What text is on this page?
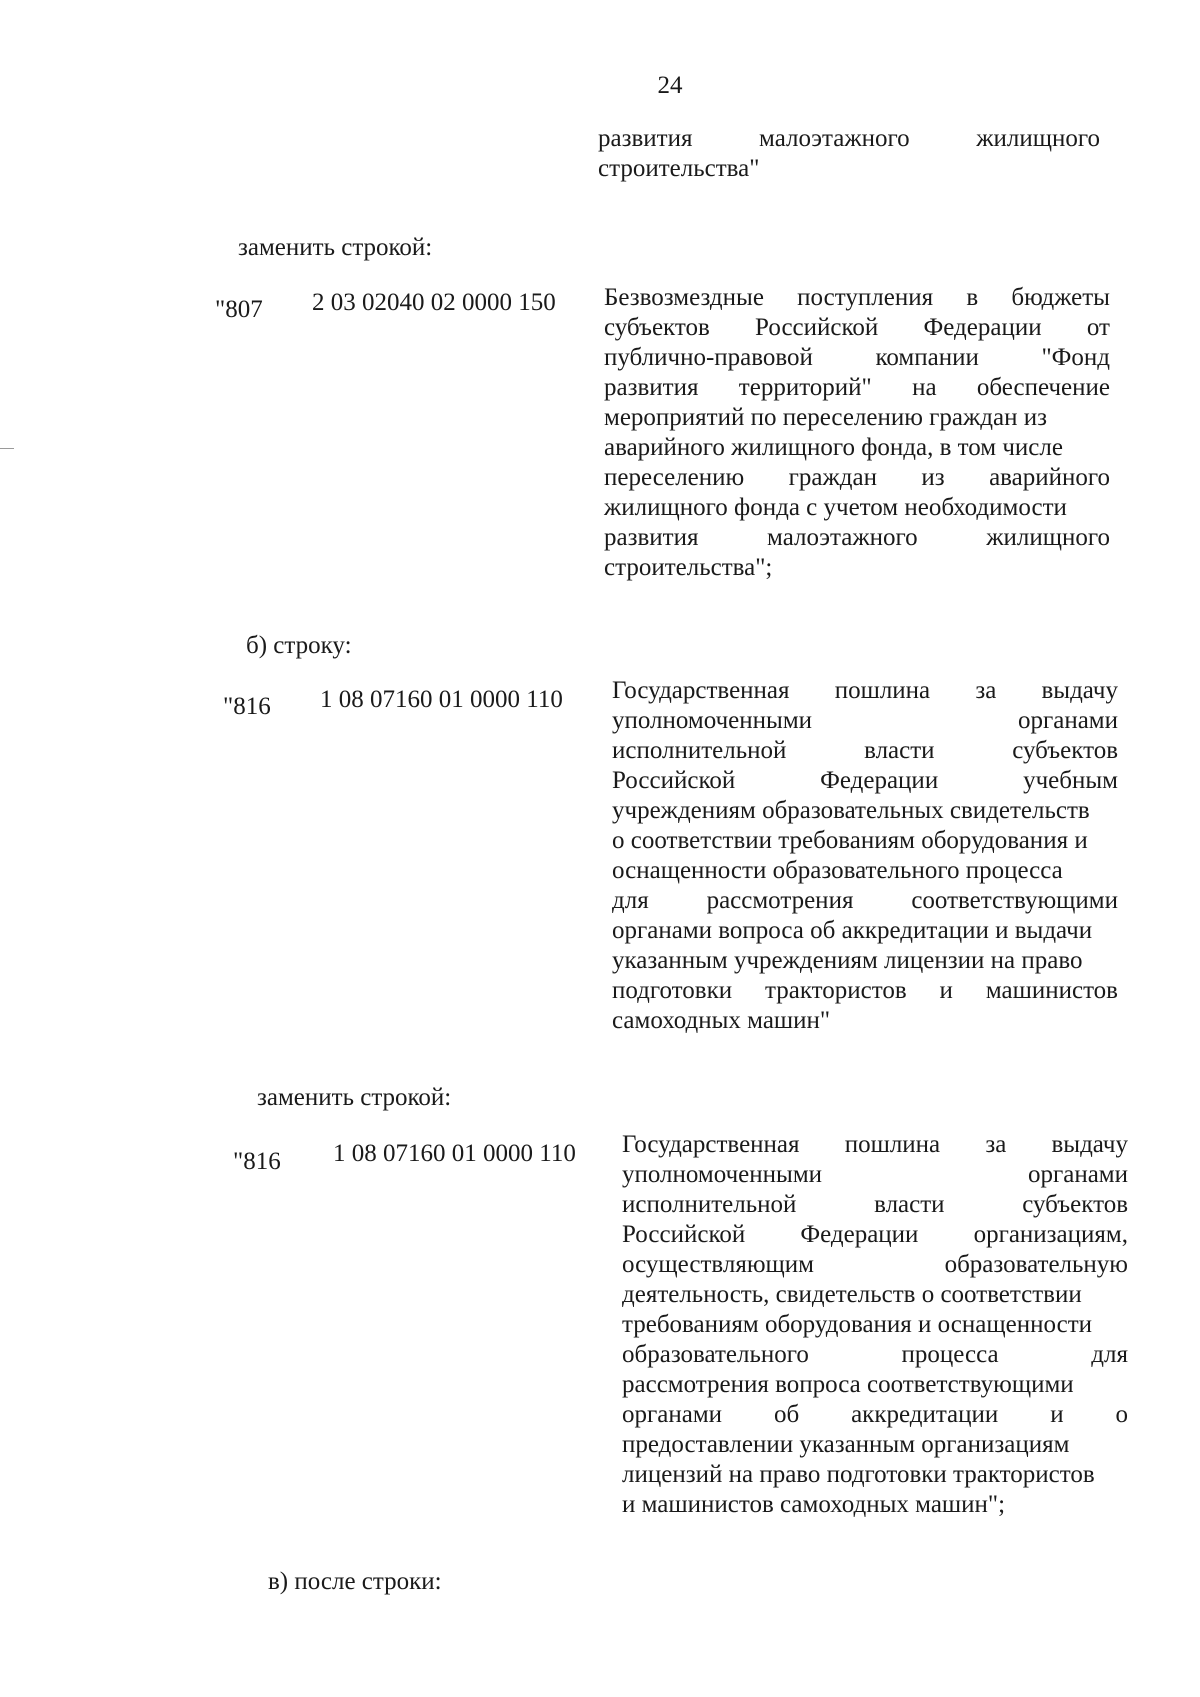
24
развития	малоэтажного	жилищного
строительства"
заменить строкой:
"807 2 03 02040 02 0000 150 Безвозмездные поступления в бюджеты
субъектов Российской Федерации от
публично-правовой	компании	"Фонд
развития территорий" на обеспечение
мероприятий по переселению граждан из
аварийного жилищного фонда, в том числе
переселению граждан из аварийного
жилищного фонда с учетом необходимости
развития	малоэтажного	жилищного
строительства";
б) строку:
"816 1 08 07160 01 0000 110 Государственная пошлина за выдачу
уполномоченными	органами
исполнительной	власти	субъектов
Российской	Федерации	учебным
учреждениям образовательных свидетельств
о соответствии требованиям оборудования и
оснащенности образовательного процесса
для рассмотрения соответствующими
органами вопроса об аккредитации и выдачи
указанным учреждениям лицензии на право
подготовки трактористов и машинистов
самоходных машин"
заменить строкой:
"816 1 08 07160 01 0000 110 Государственная пошлина за выдачу
уполномоченными	органами
исполнительной	власти	субъектов
Российской Федерации организациям,
осуществляющим	образовательную
деятельность, свидетельств о соответствии
требованиям оборудования и оснащенности
образовательного	процесса	для
рассмотрения вопроса соответствующими
органами об аккредитации и о
предоставлении указанным организациям
лицензий на право подготовки трактористов
и машинистов самоходных машин";
в) после строки:
